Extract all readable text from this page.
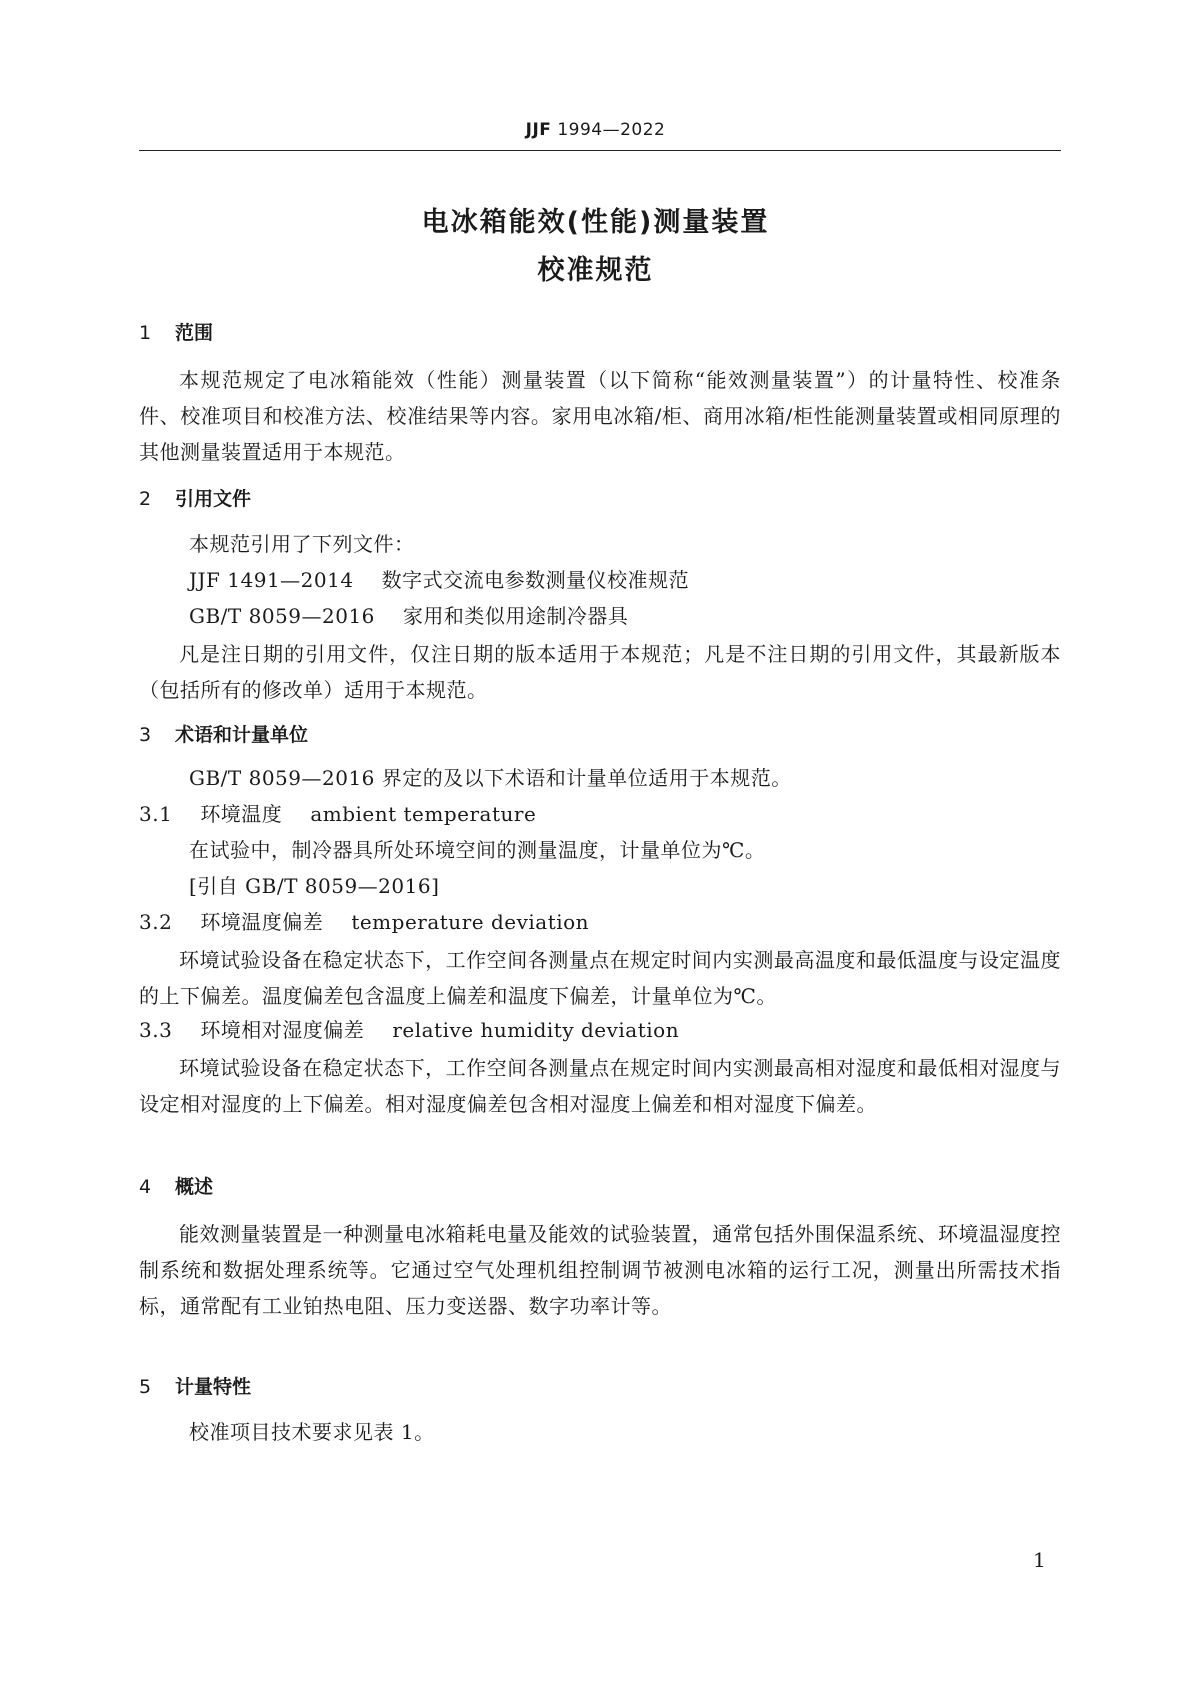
JJF 1994—2022
电冰箱能效(性能)测量装置
校准规范
1 范围
本规范规定了电冰箱能效（性能）测量装置（以下简称“能效测量装置”）的计量特性、校准条件、校准项目和校准方法、校准结果等内容。家用电冰箱/柜、商用冰箱/柜性能测量装置或相同原理的其他测量装置适用于本规范。
2 引用文件
本规范引用了下列文件：
JJF 1491—2014 数字式交流电参数测量仪校准规范
GB/T 8059—2016 家用和类似用途制冷器具
凡是注日期的引用文件，仅注日期的版本适用于本规范；凡是不注日期的引用文件，其最新版本（包括所有的修改单）适用于本规范。
3 术语和计量单位
GB/T 8059—2016 界定的及以下术语和计量单位适用于本规范。
3.1 环境温度 ambient temperature
在试验中，制冷器具所处环境空间的测量温度，计量单位为℃。
[引自 GB/T 8059—2016]
3.2 环境温度偏差 temperature deviation
环境试验设备在稳定状态下，工作空间各测量点在规定时间内实测最高温度和最低温度与设定温度的上下偏差。温度偏差包含温度上偏差和温度下偏差，计量单位为℃。
3.3 环境相对湿度偏差 relative humidity deviation
环境试验设备在稳定状态下，工作空间各测量点在规定时间内实测最高相对湿度和最低相对湿度与设定相对湿度的上下偏差。相对湿度偏差包含相对湿度上偏差和相对湿度下偏差。
4 概述
能效测量装置是一种测量电冰箱耗电量及能效的试验装置，通常包括外围保温系统、环境温湿度控制系统和数据处理系统等。它通过空气处理机组控制调节被测电冰箱的运行工况，测量出所需技术指标，通常配有工业铂热电阻、压力变送器、数字功率计等。
5 计量特性
校准项目技术要求见表 1。
1
